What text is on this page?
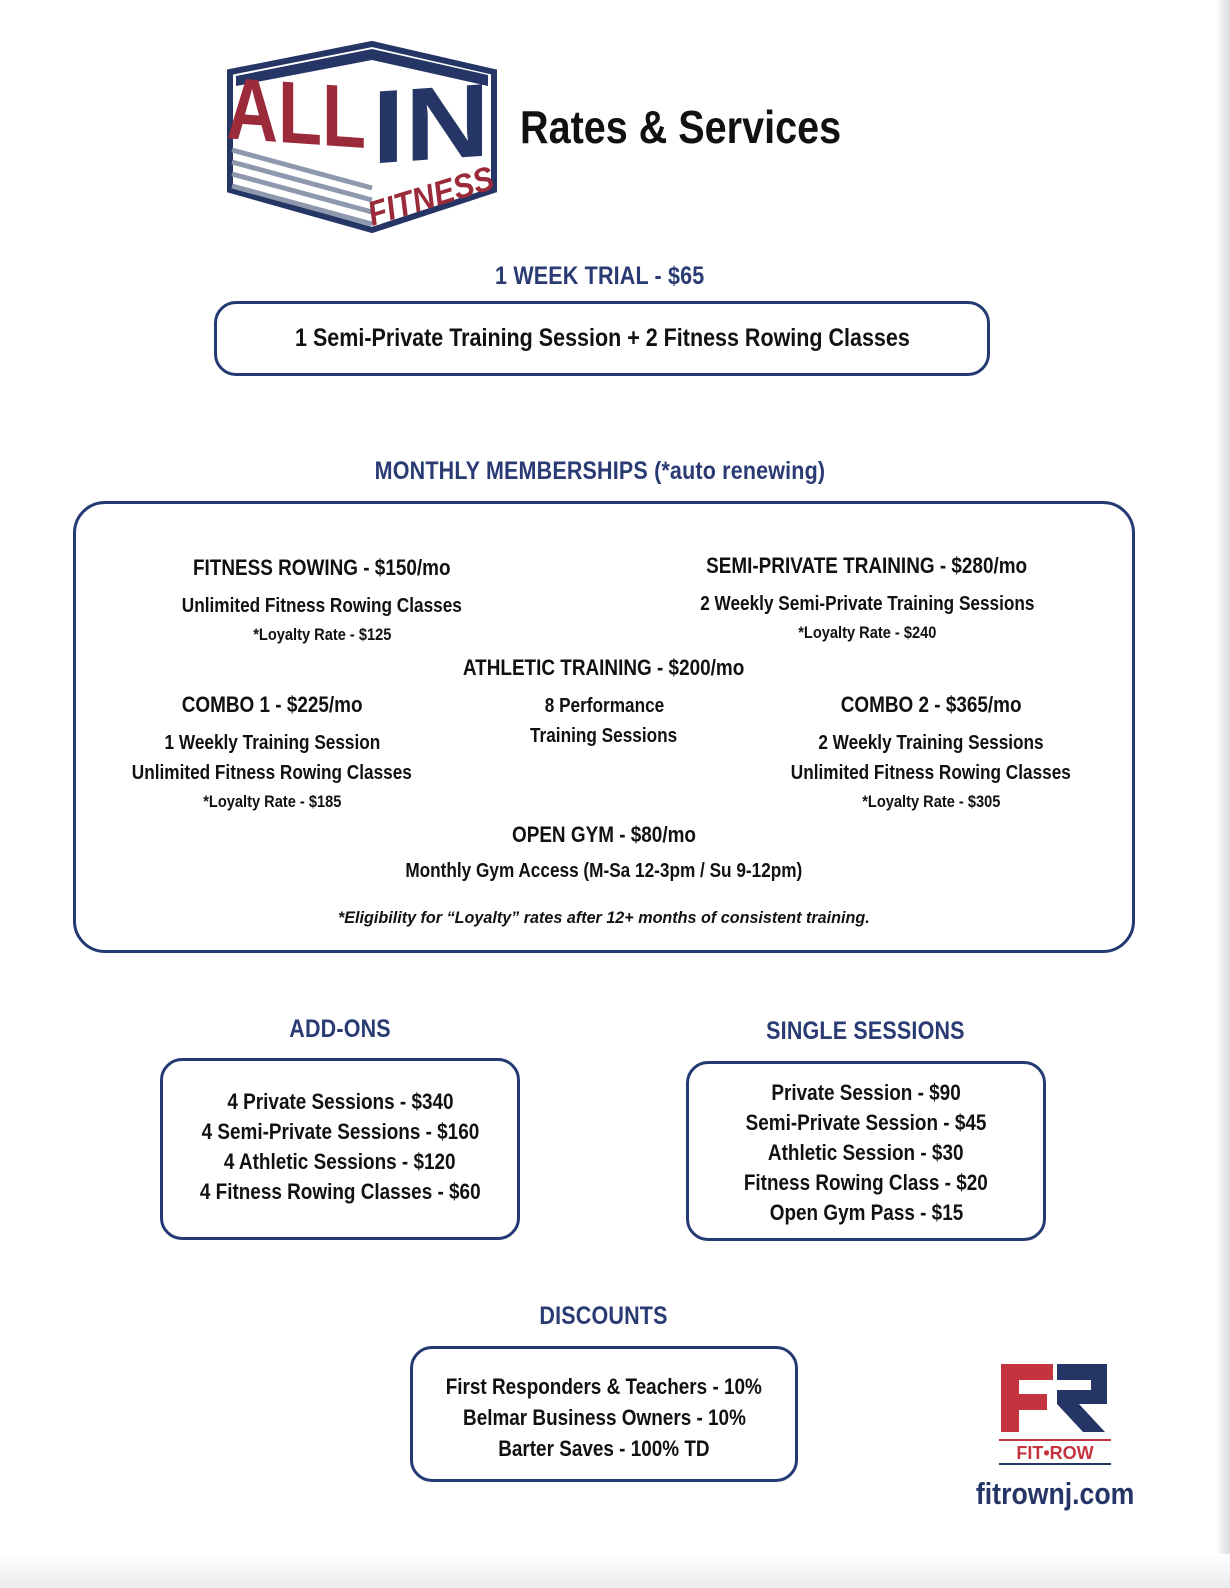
ALL
IN
FITNESS
Rates & Services
1 WEEK TRIAL - $65
1 Semi-Private Training Session + 2 Fitness Rowing Classes
MONTHLY MEMBERSHIPS (*auto renewing)
FITNESS ROWING - $150/mo
Unlimited Fitness Rowing Classes
*Loyalty Rate - $125
SEMI-PRIVATE TRAINING - $280/mo
2 Weekly Semi-Private Training Sessions
*Loyalty Rate - $240
ATHLETIC TRAINING - $200/mo
8 Performance
Training Sessions
COMBO 1 - $225/mo
1 Weekly Training Session
Unlimited Fitness Rowing Classes
*Loyalty Rate - $185
COMBO 2 - $365/mo
2 Weekly Training Sessions
Unlimited Fitness Rowing Classes
*Loyalty Rate - $305
OPEN GYM - $80/mo
Monthly Gym Access (M-Sa 12-3pm / Su 9-12pm)
*Eligibility for “Loyalty” rates after 12+ months of consistent training.
ADD-ONS
4 Private Sessions - $340
4 Semi-Private Sessions - $160
4 Athletic Sessions - $120
4 Fitness Rowing Classes - $60
SINGLE SESSIONS
Private Session - $90
Semi-Private Session - $45
Athletic Session - $30
Fitness Rowing Class - $20
Open Gym Pass - $15
DISCOUNTS
First Responders & Teachers - 10%
Belmar Business Owners - 10%
Barter Saves - 100% TD	FIT•ROW
fitrownj.com
